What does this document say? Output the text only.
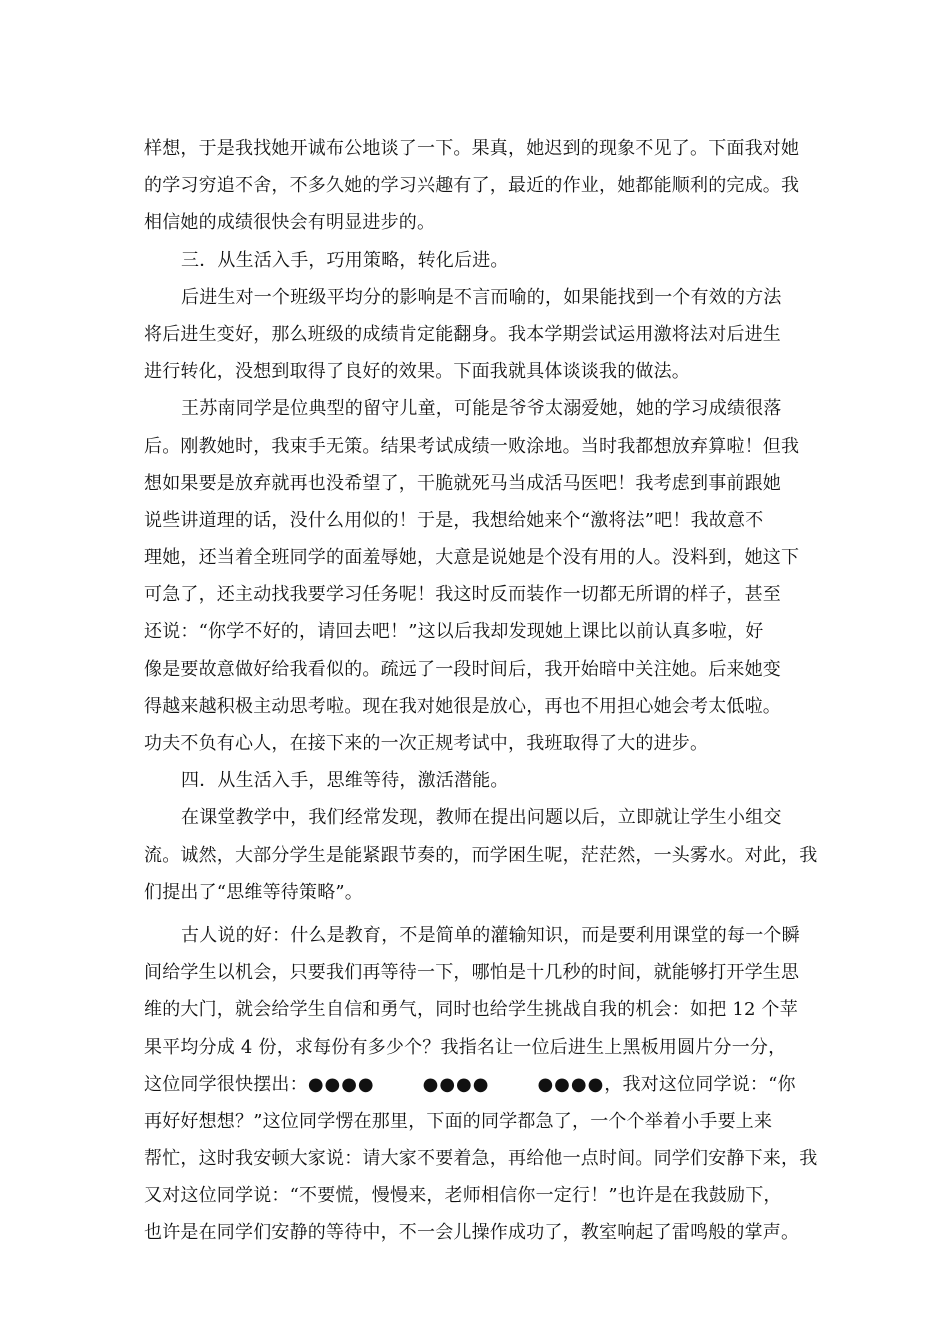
样想，于是我找她开诚布公地谈了一下。果真，她迟到的现象不见了。下面我对她
的学习穷追不舍，不多久她的学习兴趣有了，最近的作业，她都能顺利的完成。我
相信她的成绩很快会有明显进步的。
三．从生活入手，巧用策略，转化后进。
后进生对一个班级平均分的影响是不言而喻的，如果能找到一个有效的方法
将后进生变好，那么班级的成绩肯定能翻身。我本学期尝试运用激将法对后进生
进行转化，没想到取得了良好的效果。下面我就具体谈谈我的做法。
王苏南同学是位典型的留守儿童，可能是爷爷太溺爱她，她的学习成绩很落
后。刚教她时，我束手无策。结果考试成绩一败涂地。当时我都想放弃算啦！但我
想如果要是放弃就再也没希望了，干脆就死马当成活马医吧！我考虑到事前跟她
说些讲道理的话，没什么用似的！于是，我想给她来个“激将法”吧！我故意不
理她，还当着全班同学的面羞辱她，大意是说她是个没有用的人。没料到，她这下
可急了，还主动找我要学习任务呢！我这时反而装作一切都无所谓的样子，甚至
还说：“你学不好的，请回去吧！”这以后我却发现她上课比以前认真多啦，好
像是要故意做好给我看似的。疏远了一段时间后，我开始暗中关注她。后来她变
得越来越积极主动思考啦。现在我对她很是放心，再也不用担心她会考太低啦。
功夫不负有心人，在接下来的一次正规考试中，我班取得了大的进步。
四．从生活入手，思维等待，激活潜能。
在课堂教学中，我们经常发现，教师在提出问题以后，立即就让学生小组交
流。诚然，大部分学生是能紧跟节奏的，而学困生呢，茫茫然，一头雾水。对此，我
们提出了“思维等待策略”。
古人说的好：什么是教育，不是简单的灌输知识，而是要利用课堂的每一个瞬
间给学生以机会，只要我们再等待一下，哪怕是十几秒的时间，就能够打开学生思
维的大门，就会给学生自信和勇气，同时也给学生挑战自我的机会：如把 12 个苹
果平均分成 4 份，求每份有多少个？我指名让一位后进生上黑板用圆片分一分，
这位同学很快摆出：●●●●	●●●●	●●●●，我对这位同学说：“你
再好好想想？”这位同学愣在那里，下面的同学都急了，一个个举着小手要上来
帮忙，这时我安顿大家说：请大家不要着急，再给他一点时间。同学们安静下来，我
又对这位同学说：“不要慌，慢慢来，老师相信你一定行！”也许是在我鼓励下，
也许是在同学们安静的等待中，不一会儿操作成功了，教室响起了雷鸣般的掌声。
